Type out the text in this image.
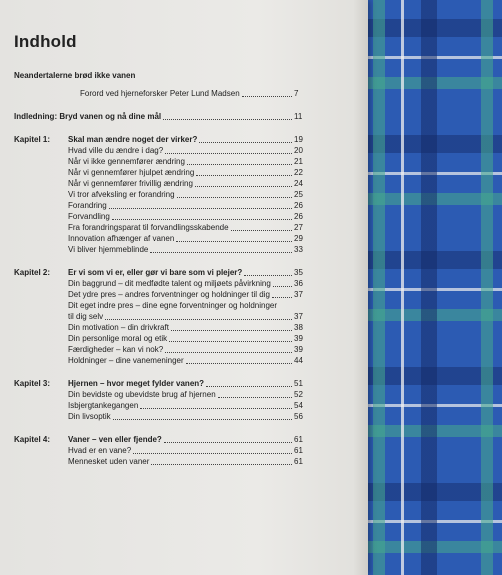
Indhold
Neandertalerne brød ikke vanen
Forord ved hjerneforsker Peter Lund Madsen	7
Indledning: Bryd vanen og nå dine mål	11
Kapitel 1: Skal man ændre noget der virker?	19
Hvad ville du ændre i dag?	20
Når vi ikke gennemfører ændring	21
Når vi gennemfører hjulpet ændring	22
Når vi gennemfører frivillig ændring	24
Vi tror afveksling er forandring	25
Forandring	26
Forvandling	26
Fra forandringsparat til forvandlingsskabende	27
Innovation afhænger af vanen	29
Vi bliver hjemmeblinde	33
Kapitel 2: Er vi som vi er, eller gør vi bare som vi plejer?	35
Din baggrund – dit medfødte talent og miljøets påvirkning	36
Det ydre pres – andres forventninger og holdninger til dig	37
Dit eget indre pres – dine egne forventninger og holdninger
til dig selv	37
Din motivation – din drivkraft	38
Din personlige moral og etik	39
Færdigheder – kan vi nok?	39
Holdninger – dine vanemeninger	44
Kapitel 3: Hjernen – hvor meget fylder vanen?	51
Din bevidste og ubevidste brug af hjernen	52
Isbjergtankegangen	54
Din livsoptik	56
Kapitel 4: Vaner – ven eller fjende?	61
Hvad er en vane?	61
Mennesket uden vaner	61
